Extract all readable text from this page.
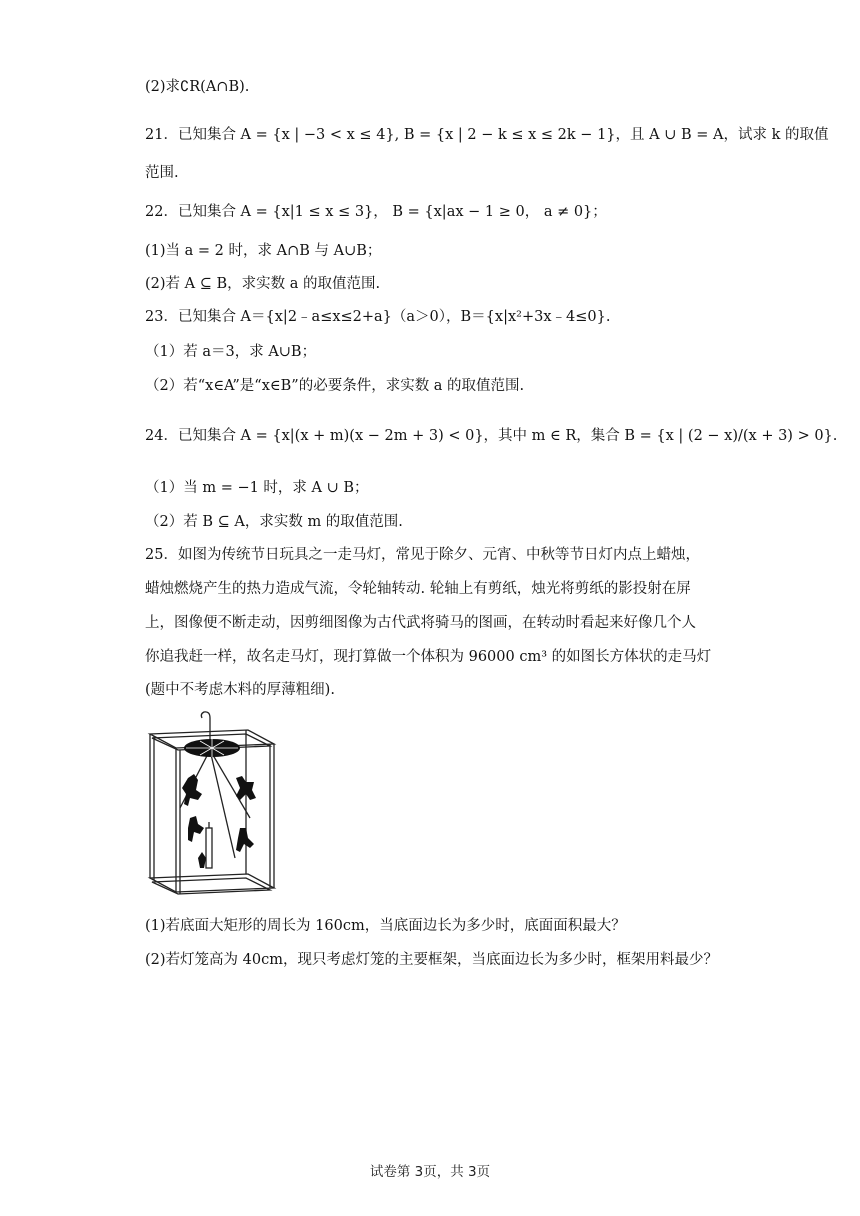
(2)求∁R(A∩B).
21．已知集合 A = {x | −3 < x ≤ 4}, B = {x | 2 − k ≤ x ≤ 2k − 1}，且 A ∪ B = A，试求 k 的取值
范围.
22．已知集合 A = {x|1 ≤ x ≤ 3}， B = {x|ax − 1 ≥ 0， a ≠ 0}；
(1)当 a = 2 时，求 A∩B 与 A∪B；
(2)若 A ⊆ B，求实数 a 的取值范围.
23．已知集合 A＝{x|2﹣a≤x≤2+a}（a＞0），B＝{x|x²+3x﹣4≤0}.
（1）若 a＝3，求 A∪B；
（2）若“x∈A”是“x∈B”的必要条件，求实数 a 的取值范围.
24．已知集合 A = {x|(x + m)(x − 2m + 3) < 0}，其中 m ∈ R，集合 B = {x | (2 − x)/(x + 3) > 0}.
（1）当 m = −1 时，求 A ∪ B；
（2）若 B ⊆ A，求实数 m 的取值范围.
25．如图为传统节日玩具之一走马灯，常见于除夕、元宵、中秋等节日灯内点上蜡烛，
蜡烛燃烧产生的热力造成气流，令轮轴转动. 轮轴上有剪纸，烛光将剪纸的影投射在屏
上，图像便不断走动，因剪细图像为古代武将骑马的图画，在转动时看起来好像几个人
你追我赶一样，故名走马灯，现打算做一个体积为 96000 cm³ 的如图长方体状的走马灯
(题中不考虑木料的厚薄粗细).
(1)若底面大矩形的周长为 160cm，当底面边长为多少时，底面面积最大？
(2)若灯笼高为 40cm，现只考虑灯笼的主要框架，当底面边长为多少时，框架用料最少？
试卷第 3页，共 3页
